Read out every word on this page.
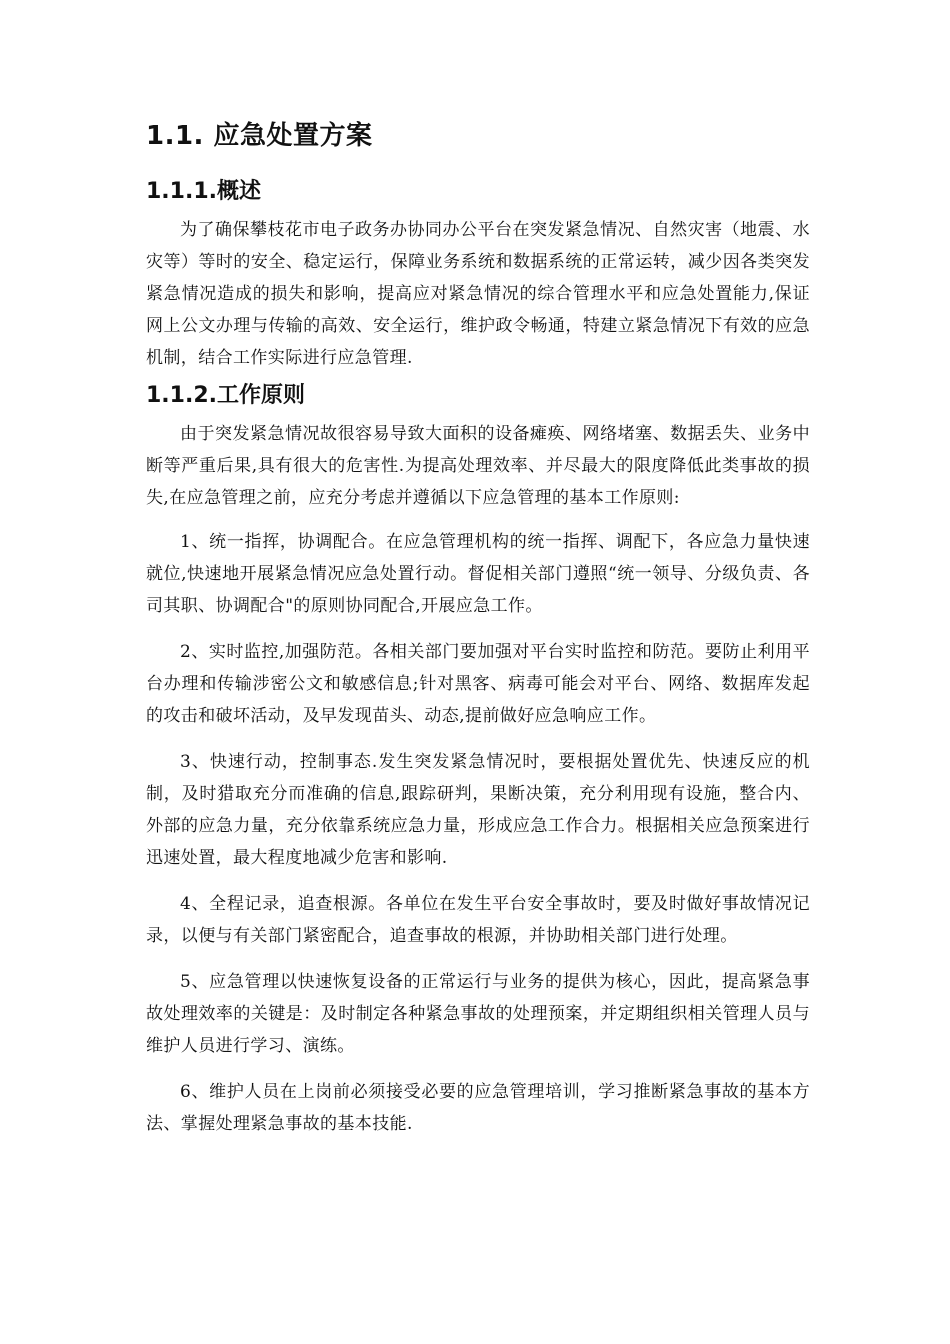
1.1. 应急处置方案
1.1.1.概述

为了确保攀枝花市电子政务办协同办公平台在突发紧急情况、自然灾害（地震、水灾等）等时的安全、稳定运行，保障业务系统和数据系统的正常运转，减少因各类突发紧急情况造成的损失和影响，提高应对紧急情况的综合管理水平和应急处置能力,保证网上公文办理与传输的高效、安全运行，维护政令畅通，特建立紧急情况下有效的应急机制，结合工作实际进行应急管理.

1.1.2.工作原则

由于突发紧急情况故很容易导致大面积的设备瘫痪、网络堵塞、数据丢失、业务中断等严重后果,具有很大的危害性.为提高处理效率、并尽最大的限度降低此类事故的损失,在应急管理之前，应充分考虑并遵循以下应急管理的基本工作原则:

1、统一指挥，协调配合。在应急管理机构的统一指挥、调配下，各应急力量快速就位,快速地开展紧急情况应急处置行动。督促相关部门遵照“统一领导、分级负责、各司其职、协调配合"的原则协同配合,开展应急工作。

2、实时监控,加强防范。各相关部门要加强对平台实时监控和防范。要防止利用平台办理和传输涉密公文和敏感信息;针对黑客、病毒可能会对平台、网络、数据库发起的攻击和破坏活动，及早发现苗头、动态,提前做好应急响应工作。

3、快速行动，控制事态.发生突发紧急情况时，要根据处置优先、快速反应的机制，及时猎取充分而准确的信息,跟踪研判，果断决策，充分利用现有设施，整合内、外部的应急力量，充分依靠系统应急力量，形成应急工作合力。根据相关应急预案进行迅速处置，最大程度地减少危害和影响.

4、全程记录，追查根源。各单位在发生平台安全事故时，要及时做好事故情况记录，以便与有关部门紧密配合，追查事故的根源，并协助相关部门进行处理。

5、应急管理以快速恢复设备的正常运行与业务的提供为核心，因此，提高紧急事故处理效率的关键是：及时制定各种紧急事故的处理预案，并定期组织相关管理人员与维护人员进行学习、演练。

6、维护人员在上岗前必须接受必要的应急管理培训，学习推断紧急事故的基本方法、掌握处理紧急事故的基本技能.
